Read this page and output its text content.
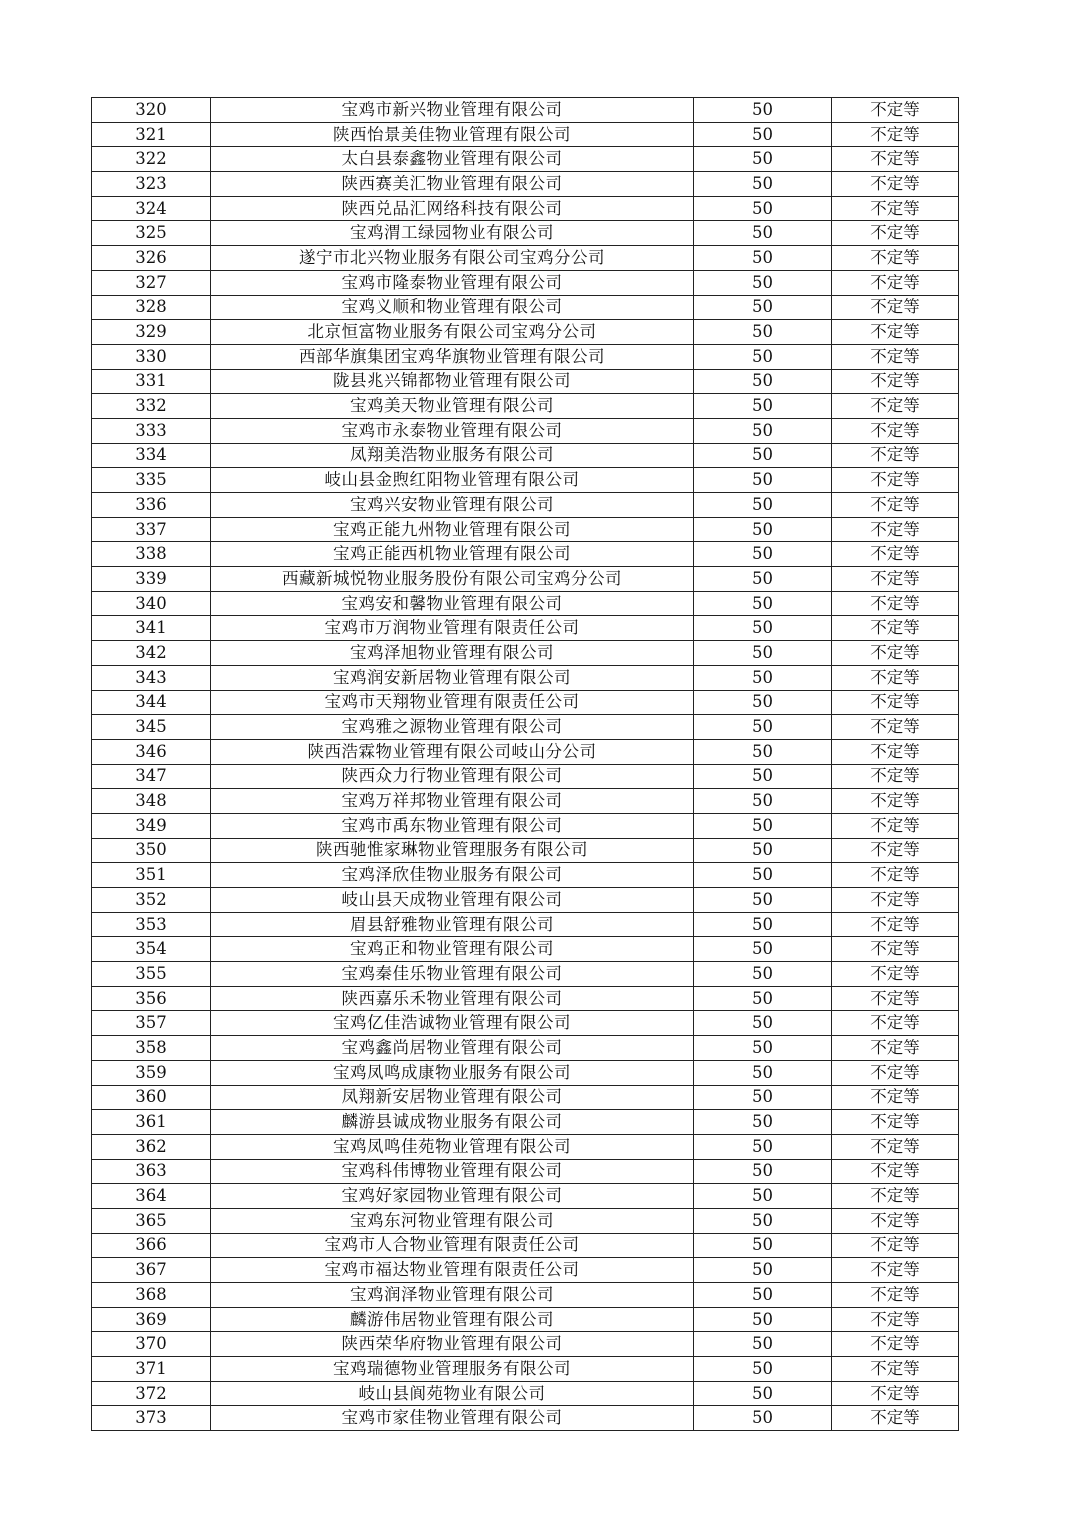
320	宝鸡市新兴物业管理有限公司	50	不定等
321	陕西怡景美佳物业管理有限公司	50	不定等
322	太白县泰鑫物业管理有限公司	50	不定等
323	陕西赛美汇物业管理有限公司	50	不定等
324	陕西兑品汇网络科技有限公司	50	不定等
325	宝鸡渭工绿园物业有限公司	50	不定等
326	遂宁市北兴物业服务有限公司宝鸡分公司	50	不定等
327	宝鸡市隆泰物业管理有限公司	50	不定等
328	宝鸡义顺和物业管理有限公司	50	不定等
329	北京恒富物业服务有限公司宝鸡分公司	50	不定等
330	西部华旗集团宝鸡华旗物业管理有限公司	50	不定等
331	陇县兆兴锦都物业管理有限公司	50	不定等
332	宝鸡美天物业管理有限公司	50	不定等
333	宝鸡市永泰物业管理有限公司	50	不定等
334	凤翔美浩物业服务有限公司	50	不定等
335	岐山县金煦红阳物业管理有限公司	50	不定等
336	宝鸡兴安物业管理有限公司	50	不定等
337	宝鸡正能九州物业管理有限公司	50	不定等
338	宝鸡正能西机物业管理有限公司	50	不定等
339	西藏新城悦物业服务股份有限公司宝鸡分公司	50	不定等
340	宝鸡安和馨物业管理有限公司	50	不定等
341	宝鸡市万润物业管理有限责任公司	50	不定等
342	宝鸡泽旭物业管理有限公司	50	不定等
343	宝鸡润安新居物业管理有限公司	50	不定等
344	宝鸡市天翔物业管理有限责任公司	50	不定等
345	宝鸡雅之源物业管理有限公司	50	不定等
346	陕西浩霖物业管理有限公司岐山分公司	50	不定等
347	陕西众力行物业管理有限公司	50	不定等
348	宝鸡万祥邦物业管理有限公司	50	不定等
349	宝鸡市禹东物业管理有限公司	50	不定等
350	陕西驰惟家琳物业管理服务有限公司	50	不定等
351	宝鸡泽欣佳物业服务有限公司	50	不定等
352	岐山县天成物业管理有限公司	50	不定等
353	眉县舒雅物业管理有限公司	50	不定等
354	宝鸡正和物业管理有限公司	50	不定等
355	宝鸡秦佳乐物业管理有限公司	50	不定等
356	陕西嘉乐禾物业管理有限公司	50	不定等
357	宝鸡亿佳浩诚物业管理有限公司	50	不定等
358	宝鸡鑫尚居物业管理有限公司	50	不定等
359	宝鸡凤鸣成康物业服务有限公司	50	不定等
360	凤翔新安居物业管理有限公司	50	不定等
361	麟游县诚成物业服务有限公司	50	不定等
362	宝鸡凤鸣佳苑物业管理有限公司	50	不定等
363	宝鸡科伟博物业管理有限公司	50	不定等
364	宝鸡好家园物业管理有限公司	50	不定等
365	宝鸡东河物业管理有限公司	50	不定等
366	宝鸡市人合物业管理有限责任公司	50	不定等
367	宝鸡市福达物业管理有限责任公司	50	不定等
368	宝鸡润泽物业管理有限公司	50	不定等
369	麟游伟居物业管理有限公司	50	不定等
370	陕西荣华府物业管理有限公司	50	不定等
371	宝鸡瑞德物业管理服务有限公司	50	不定等
372	岐山县阆苑物业有限公司	50	不定等
373	宝鸡市家佳物业管理有限公司	50	不定等
